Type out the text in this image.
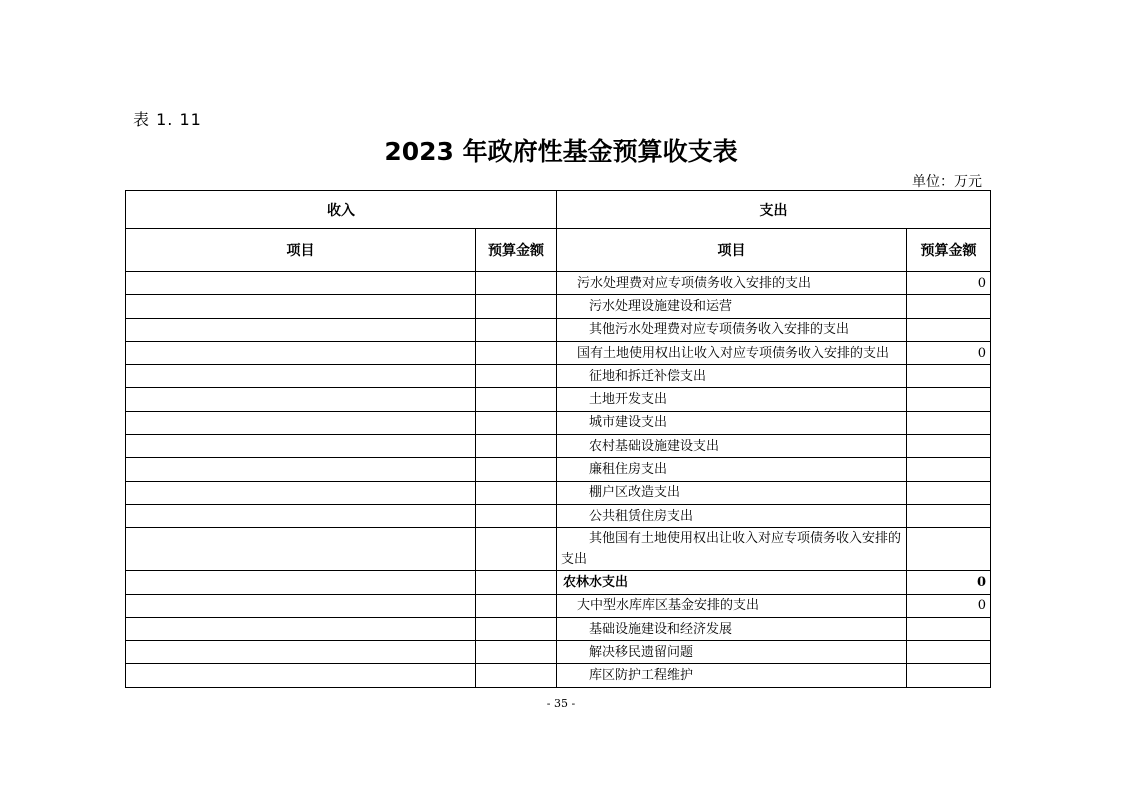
表 1. 11
2023 年政府性基金预算收支表
单位：万元
收入		支出	
项目	预算金额	项目	预算金额
		污水处理费对应专项债务收入安排的支出	0
		污水处理设施建设和运营	
		其他污水处理费对应专项债务收入安排的支出	
		国有土地使用权出让收入对应专项债务收入安排的支出	0
		征地和拆迁补偿支出	
		土地开发支出	
		城市建设支出	
		农村基础设施建设支出	
		廉租住房支出	
		棚户区改造支出	
		公共租赁住房支出	
		其他国有土地使用权出让收入对应专项债务收入安排的支出	
		农林水支出	0
		大中型水库库区基金安排的支出	0
		基础设施建设和经济发展	
		解决移民遗留问题	
		库区防护工程维护	
- 35 -
